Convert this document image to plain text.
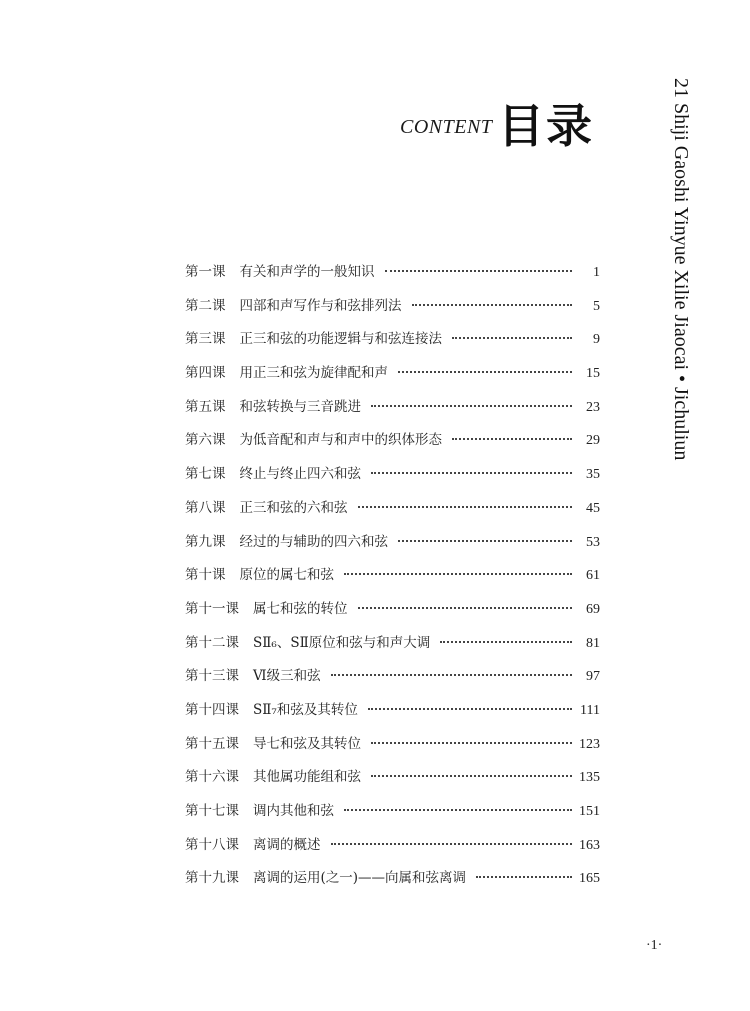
CONTENT 目录	21 Shiji Gaoshi Yinyue Xilie Jiaocai • Jichuliun
第一课 有关和声学的一般知识	1
第二课 四部和声写作与和弦排列法	5
第三课 正三和弦的功能逻辑与和弦连接法	9
第四课 用正三和弦为旋律配和声	15
第五课 和弦转换与三音跳进	23
第六课 为低音配和声与和声中的织体形态	29
第七课 终止与终止四六和弦	35
第八课 正三和弦的六和弦	45
第九课 经过的与辅助的四六和弦	53
第十课 原位的属七和弦	61
第十一课 属七和弦的转位	69
第十二课 SⅡ₆、SⅡ原位和弦与和声大调	81
第十三课 Ⅵ级三和弦	97
第十四课 SⅡ₇和弦及其转位	111
第十五课 导七和弦及其转位	123
第十六课 其他属功能组和弦	135
第十七课 调内其他和弦	151
第十八课 离调的概述	163
第十九课 离调的运用(之一)——向属和弦离调	165
·1·
